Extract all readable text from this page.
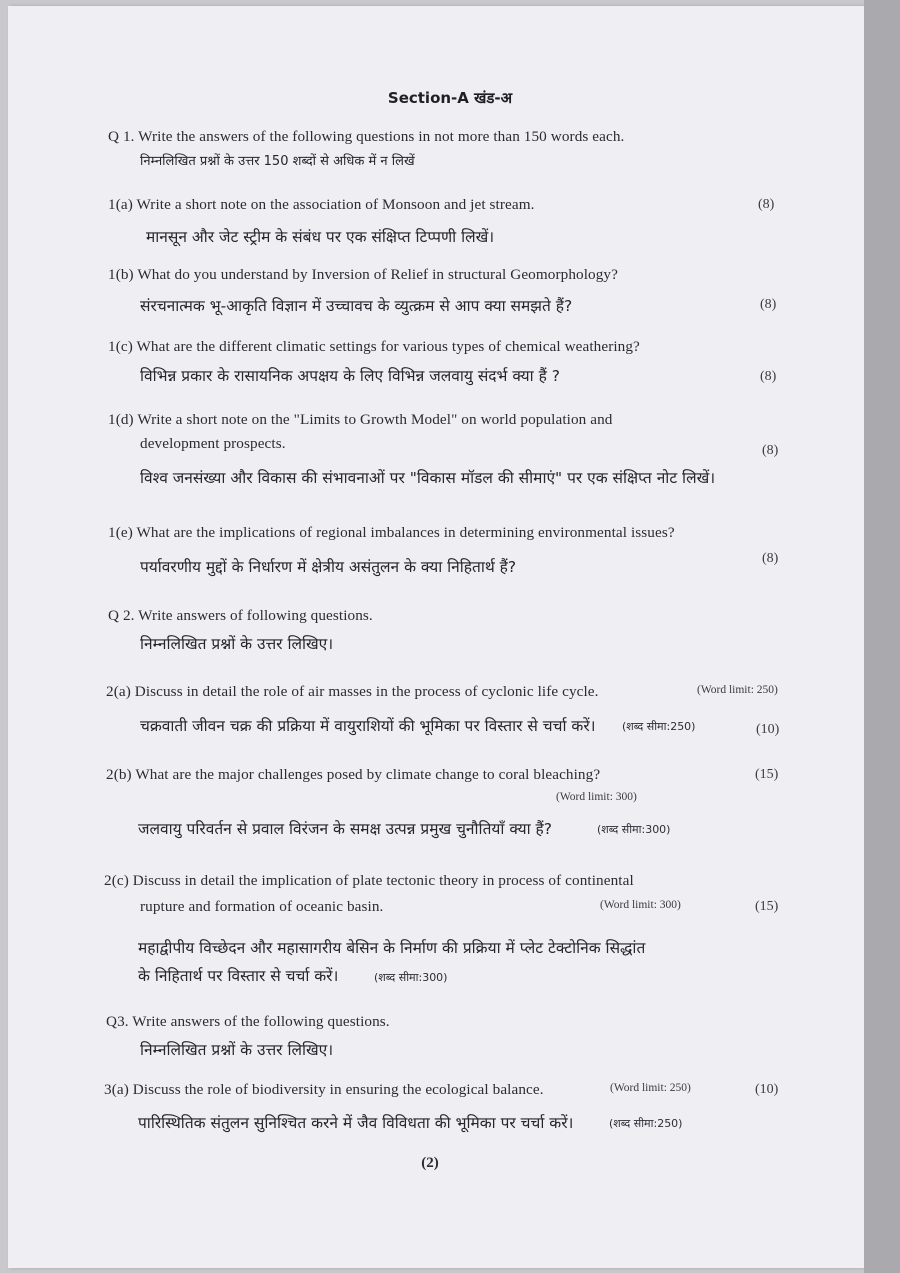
Section-A खंड-अ
Q 1. Write the answers of the following questions in not more than 150 words each.
निम्नलिखित प्रश्नों के उत्तर 150 शब्दों से अधिक में न लिखें
1(a) Write a short note on the association of Monsoon and jet stream.	(8)
मानसून और जेट स्ट्रीम के संबंध पर एक संक्षिप्त टिप्पणी लिखें।
1(b) What do you understand by Inversion of Relief in structural Geomorphology?
संरचनात्मक भू-आकृति विज्ञान में उच्चावच के व्युत्क्रम से आप क्या समझते हैं?	(8)
1(c) What are the different climatic settings for various types of chemical weathering?
विभिन्न प्रकार के रासायनिक अपक्षय के लिए विभिन्न जलवायु संदर्भ क्या हैं ?	(8)
1(d) Write a short note on the "Limits to Growth Model" on world population and
development prospects.	(8)
विश्व जनसंख्या और विकास की संभावनाओं पर "विकास मॉडल की सीमाएं" पर एक संक्षिप्त नोट लिखें।
1(e) What are the implications of regional imbalances in determining environmental issues?
(8)
पर्यावरणीय मुद्दों के निर्धारण में क्षेत्रीय असंतुलन के क्या निहितार्थ हैं?
Q 2. Write answers of following questions.
निम्नलिखित प्रश्नों के उत्तर लिखिए।
2(a) Discuss in detail the role of air masses in the process of cyclonic life cycle.	(Word limit: 250)
चक्रवाती जीवन चक्र की प्रक्रिया में वायुराशियों की भूमिका पर विस्तार से चर्चा करें। (शब्द सीमा:250)	(10)
2(b) What are the major challenges posed by climate change to coral bleaching?	(15)
(Word limit: 300)
जलवायु परिवर्तन से प्रवाल विरंजन के समक्ष उत्पन्न प्रमुख चुनौतियाँ क्या हैं?	(शब्द सीमा:300)
2(c) Discuss in detail the implication of plate tectonic theory in process of continental
rupture and formation of oceanic basin.	(Word limit: 300)	(15)
महाद्वीपीय विच्छेदन और महासागरीय बेसिन के निर्माण की प्रक्रिया में प्लेट टेक्टोनिक सिद्धांत
के निहितार्थ पर विस्तार से चर्चा करें।	(शब्द सीमा:300)
Q3. Write answers of the following questions.
निम्नलिखित प्रश्नों के उत्तर लिखिए।
3(a) Discuss the role of biodiversity in ensuring the ecological balance.	(Word limit: 250)	(10)
पारिस्थितिक संतुलन सुनिश्चित करने में जैव विविधता की भूमिका पर चर्चा करें।	(शब्द सीमा:250)
(2)
